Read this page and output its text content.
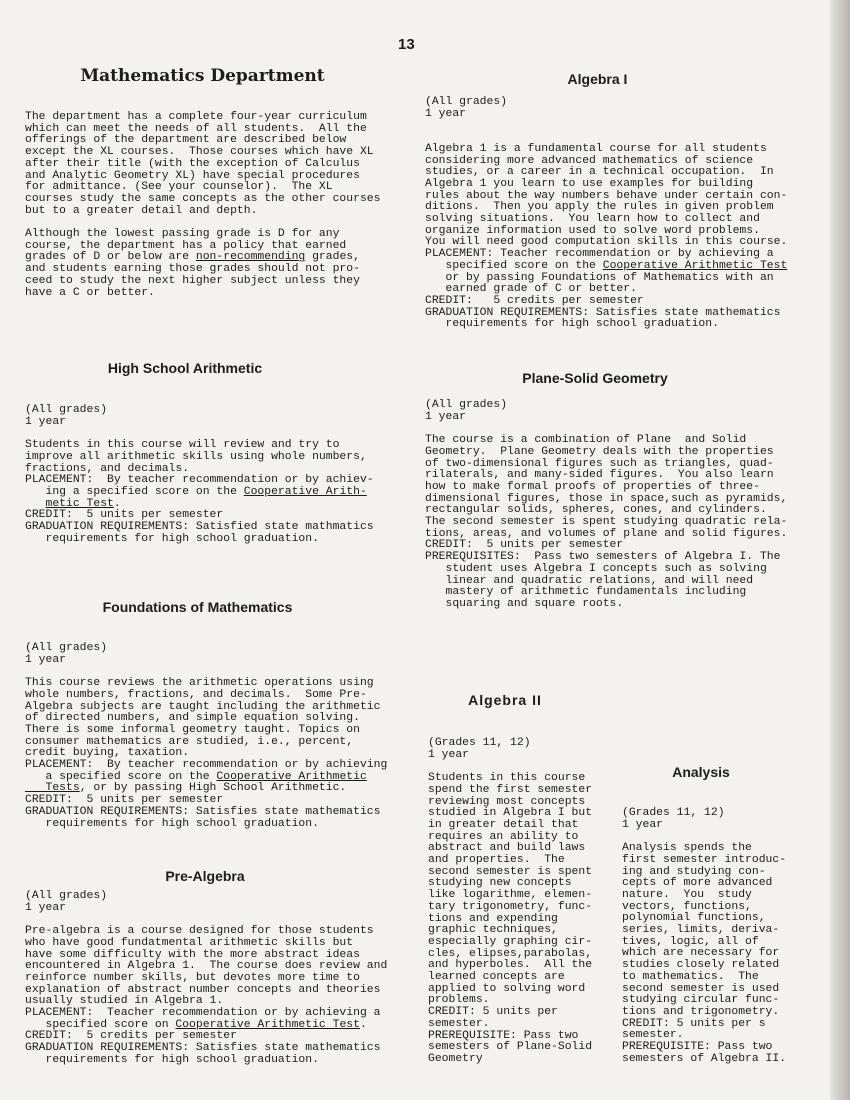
13
Mathematics Department
The department has a complete four-year curriculum
which can meet the needs of all students.  All the
offerings of the department are described below
except the XL courses.  Those courses which have XL
after their title (with the exception of Calculus
and Analytic Geometry XL) have special procedures
for admittance. (See your counselor).  The XL
courses study the same concepts as the other courses
but to a greater detail and depth.
Although the lowest passing grade is D for any
course, the department has a policy that earned
grades of D or below are non-recommending grades,
and students earning those grades should not pro-
ceed to study the next higher subject unless they
have a C or better.
High School Arithmetic
(All grades)
1 year
Students in this course will review and try to
improve all arithmetic skills using whole numbers,
fractions, and decimals.
PLACEMENT:  By teacher recommendation or by achiev-
ing a specified score on the Cooperative Arith-
metic Test.
CREDIT:  5 units per semester
GRADUATION REQUIREMENTS: Satisfied state mathmatics
requirements for high school graduation.
Foundations of Mathematics
(All grades)
1 year
This course reviews the arithmetic operations using
whole numbers, fractions, and decimals.  Some Pre-
Algebra subjects are taught including the arithmetic
of directed numbers, and simple equation solving.
There is some informal geometry taught. Topics on
consumer mathematics are studied, i.e., percent,
credit buying, taxation.
PLACEMENT:  By teacher recommendation or by achieving
a specified score on the Cooperative Arithmetic
Tests, or by passing High School Arithmetic.
CREDIT:  5 units per semester
GRADUATION REQUIREMENTS: Satisfies state mathematics
requirements for high school graduation.
Pre-Algebra
(All grades)
1 year
Pre-algebra is a course designed for those students
who have good fundatmental arithmetic skills but
have some difficulty with the more abstract ideas
encountered in Algebra 1.  The course does review and
reinforce number skills, but devotes more time to
explanation of abstract number concepts and theories
usually studied in Algebra 1.
PLACEMENT:  Teacher recommendation or by achieving a
specified score on Cooperative Arithmetic Test.
CREDIT:  5 credits per semester
GRADUATION REQUIREMENTS: Satisfies state mathematics
requirements for high school graduation.
Algebra I
(All grades)
1 year
Algebra 1 is a fundamental course for all students
considering more advanced mathematics of science
studies, or a career in a technical occupation.  In
Algebra 1 you learn to use examples for building
rules about the way numbers behave under certain con-
ditions.  Then you apply the rules in given problem
solving situations.  You learn how to collect and
organize information used to solve word problems.
You will need good computation skills in this course.
PLACEMENT: Teacher recommendation or by achieving a
specified score on the Cooperative Arithmetic Test
or by passing Foundations of Mathematics with an
earned grade of C or better.
CREDIT:   5 credits per semester
GRADUATION REQUIREMENTS: Satisfies state mathematics
requirements for high school graduation.
Plane-Solid Geometry
(All grades)
1 year
The course is a combination of Plane  and Solid
Geometry.  Plane Geometry deals with the properties
of two-dimensional figures such as triangles, quad-
rilaterals, and many-sided figures.  You also learn
how to make formal proofs of properties of three-
dimensional figures, those in space,such as pyramids,
rectangular solids, spheres, cones, and cylinders.
The second semester is spent studying quadratic rela-
tions, areas, and volumes of plane and solid figures.
CREDIT:  5 units per semester
PREREQUISITES:  Pass two semesters of Algebra I. The
student uses Algebra I concepts such as solving
linear and quadratic relations, and will need
mastery of arithmetic fundamentals including
squaring and square roots.
Algebra II
(Grades 11, 12)
1 year
Students in this course
spend the first semester
reviewing most concepts
studied in Algebra I but
in greater detail that
requires an ability to
abstract and build laws
and properties.  The
second semester is spent
studying new concepts
like logarithme, elemen-
tary trigonometry, func-
tions and expending
graphic techniques,
especially graphing cir-
cles, elipses,parabolas,
and hyperboles.  All the
learned concepts are
applied to solving word
problems.
CREDIT: 5 units per
semester.
PREREQUISITE: Pass two
semesters of Plane-Solid
Geometry
Analysis
(Grades 11, 12)
1 year
Analysis spends the
first semester introduc-
ing and studying con-
cepts of more advanced
nature.  You  study
vectors, functions,
polynomial functions,
series, limits, deriva-
tives, logic, all of
which are necessary for
studies closely related
to mathematics.  The
second semester is used
studying circular func-
tions and trigonometry.
CREDIT: 5 units per s
semester.
PREREQUISITE: Pass two
semesters of Algebra II.
